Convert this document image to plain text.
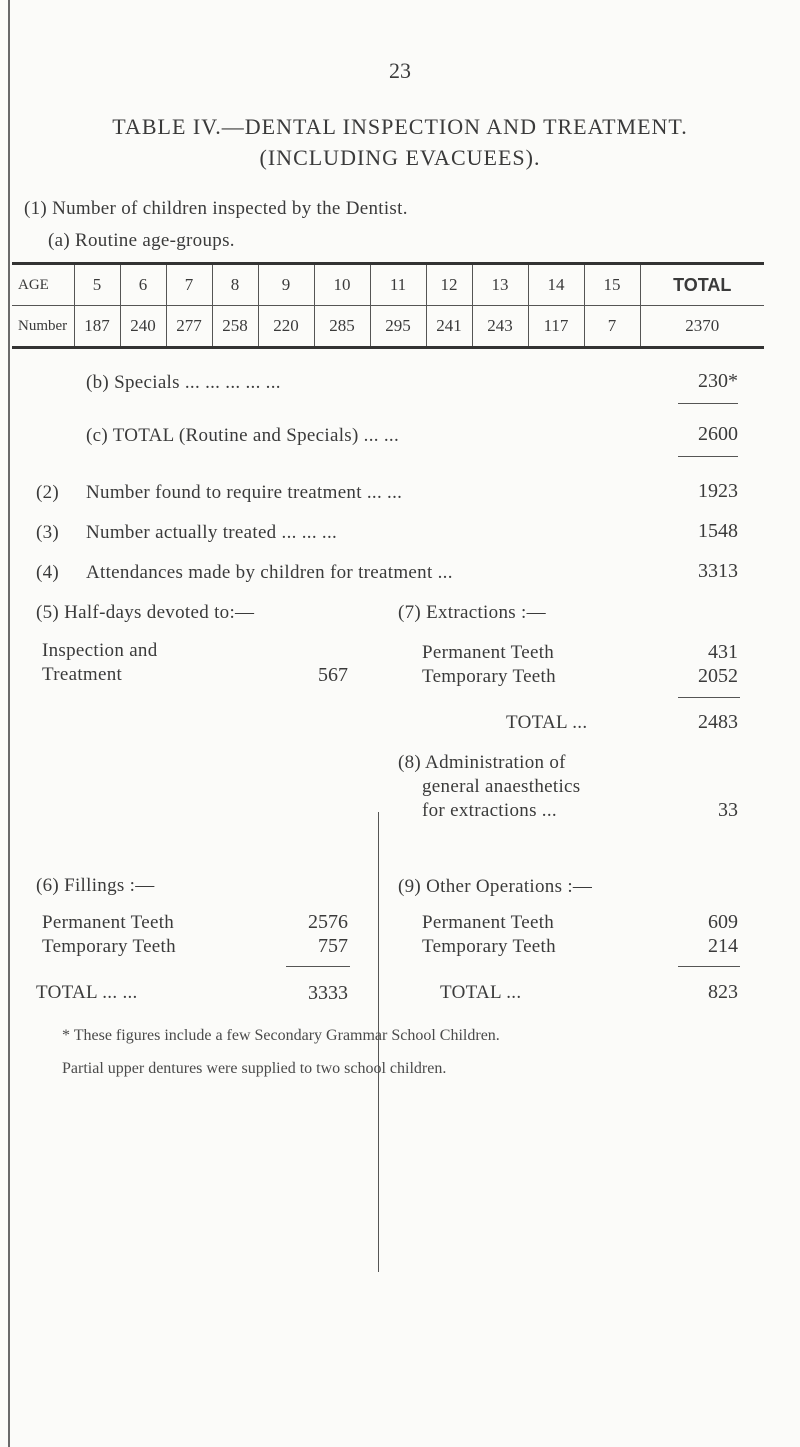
23
TABLE IV.—DENTAL INSPECTION AND TREATMENT.
(INCLUDING EVACUEES).
(1) Number of children inspected by the Dentist.
(a) Routine age-groups.
AGE	5	6	7	8	9	10	11	12	13	14	15	TOTAL
Number	187	240	277	258	220	285	295	241	243	117	7	2370
(b) Specials ... ... ... ... ...	230*
(c) TOTAL (Routine and Specials) ... ...	2600
(2) Number found to require treatment ... ...	1923
(3) Number actually treated ... ... ...	1548
(4) Attendances made by children for treatment ...	3313
(5) Half-days devoted to:—
Inspection and
Treatment	567
(6) Fillings :—
Permanent Teeth	2576
Temporary Teeth	757
TOTAL ... ...	3333
(7) Extractions :—
Permanent Teeth	431
Temporary Teeth	2052
TOTAL ...	2483
(8) Administration of
general anaesthetics
for extractions ...	33
(9) Other Operations :—
Permanent Teeth	609
Temporary Teeth	214
TOTAL ...	823
* These figures include a few Secondary Grammar School Children.
Partial upper dentures were supplied to two school children.
